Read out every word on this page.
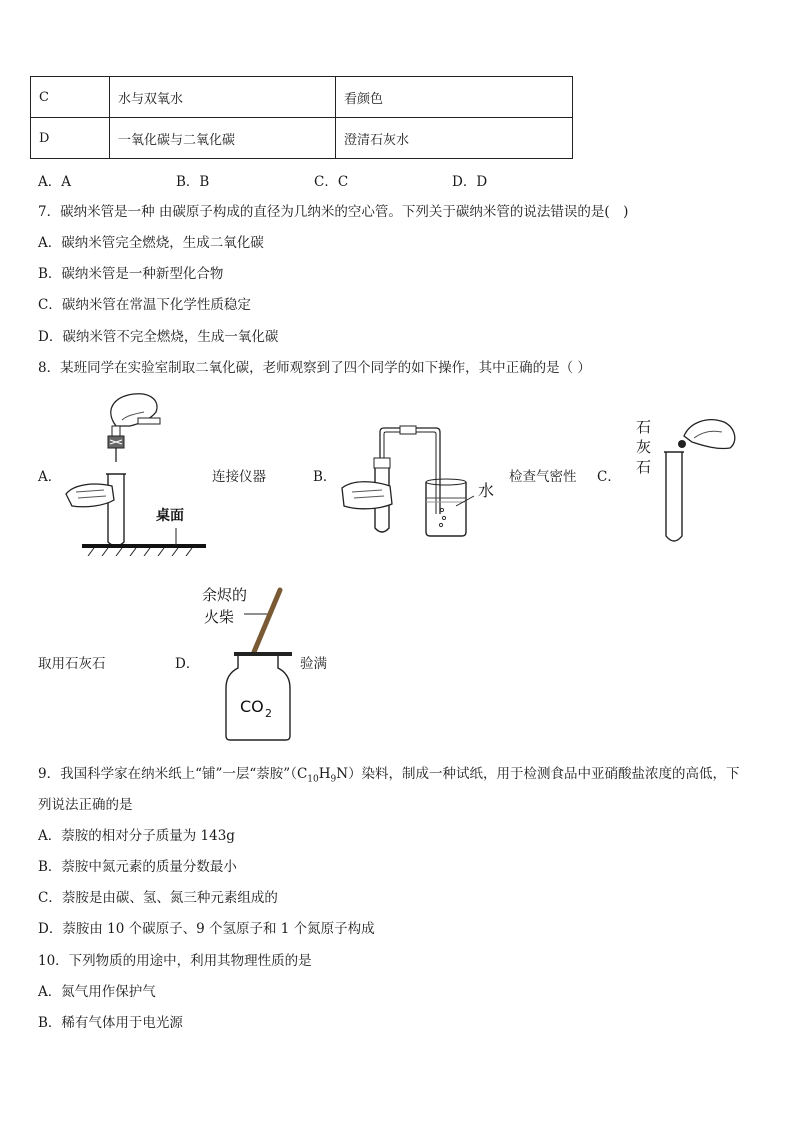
C	水与双氧水	看颜色
D	一氧化碳与二氧化碳	澄清石灰水
A．A	B．B	C．C	D．D
7．碳纳米管是一种 由碳原子构成的直径为几纳米的空心管。下列关于碳纳米管的说法错误的是(　)
A．碳纳米管完全燃烧，生成二氧化碳
B．碳纳米管是一种新型化合物
C．碳纳米管在常温下化学性质稳定
D．碳纳米管不完全燃烧，生成一氧化碳
8．某班同学在实验室制取二氧化碳，老师观察到了四个同学的如下操作，其中正确的是（ ）
A．
桌面
连接仪器	B．
水
检查气密性 C．
石
灰
石
取用石灰石	D．
余烬的
火柴
CO 2
验满
9．我国科学家在纳米纸上“铺”一层“萘胺$”(C_{10}H_9N)$染料，制成一种试纸，用于检测食品中亚硝酸盐浓度的高低，下
列说法正确的是
A．萘胺的相对分子质量为 143g
B．萘胺中氮元素的质量分数最小
C．萘胺是由碳、氢、氮三种元素组成的
D．萘胺由 10 个碳原子、9 个氢原子和 1 个氮原子构成
10．下列物质的用途中，利用其物理性质的是
A．氮气用作保护气
B．稀有气体用于电光源
